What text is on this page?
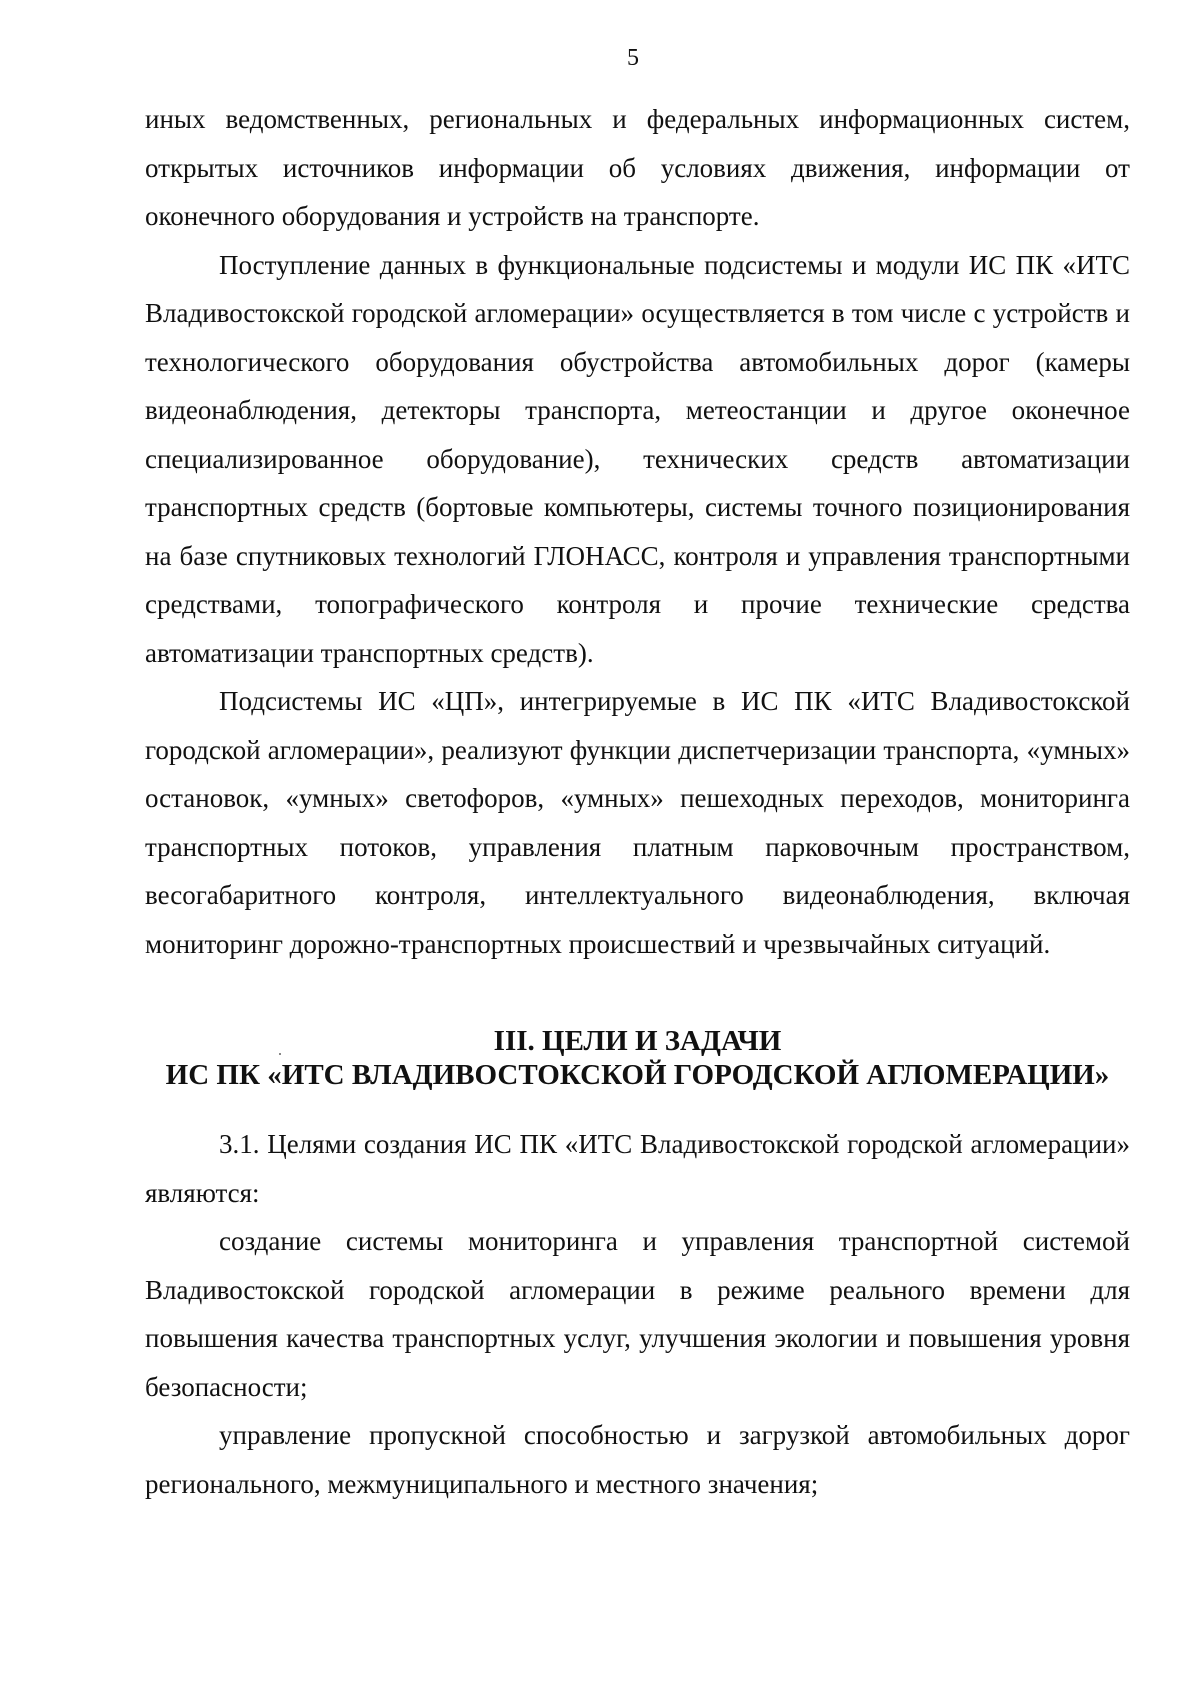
5

иных ведомственных, региональных и федеральных информационных систем, открытых источников информации об условиях движения, информации от оконечного оборудования и устройств на транспорте.

Поступление данных в функциональные подсистемы и модули ИС ПК «ИТС Владивостокской городской агломерации» осуществляется в том числе с устройств и технологического оборудования обустройства автомобильных дорог (камеры видеонаблюдения, детекторы транспорта, метеостанции и другое оконечное специализированное оборудование), технических средств автоматизации транспортных средств (бортовые компьютеры, системы точного позиционирования на базе спутниковых технологий ГЛОНАСС, контроля и управления транспортными средствами, топографического контроля и прочие технические средства автоматизации транспортных средств).

Подсистемы ИС «ЦП», интегрируемые в ИС ПК «ИТС Владивостокской городской агломерации», реализуют функции диспетчеризации транспорта, «умных» остановок, «умных» светофоров, «умных» пешеходных переходов, мониторинга транспортных потоков, управления платным парковочным пространством, весогабаритного контроля, интеллектуального видеонаблюдения, включая мониторинг дорожно-транспортных происшествий и чрезвычайных ситуаций.

III. ЦЕЛИ И ЗАДАЧИ
ИС ПК «ИТС ВЛАДИВОСТОКСКОЙ ГОРОДСКОЙ АГЛОМЕРАЦИИ»

3.1. Целями создания ИС ПК «ИТС Владивостокской городской агломерации» являются:

создание системы мониторинга и управления транспортной системой Владивостокской городской агломерации в режиме реального времени для повышения качества транспортных услуг, улучшения экологии и повышения уровня безопасности;

управление пропускной способностью и загрузкой автомобильных дорог регионального, межмуниципального и местного значения;
